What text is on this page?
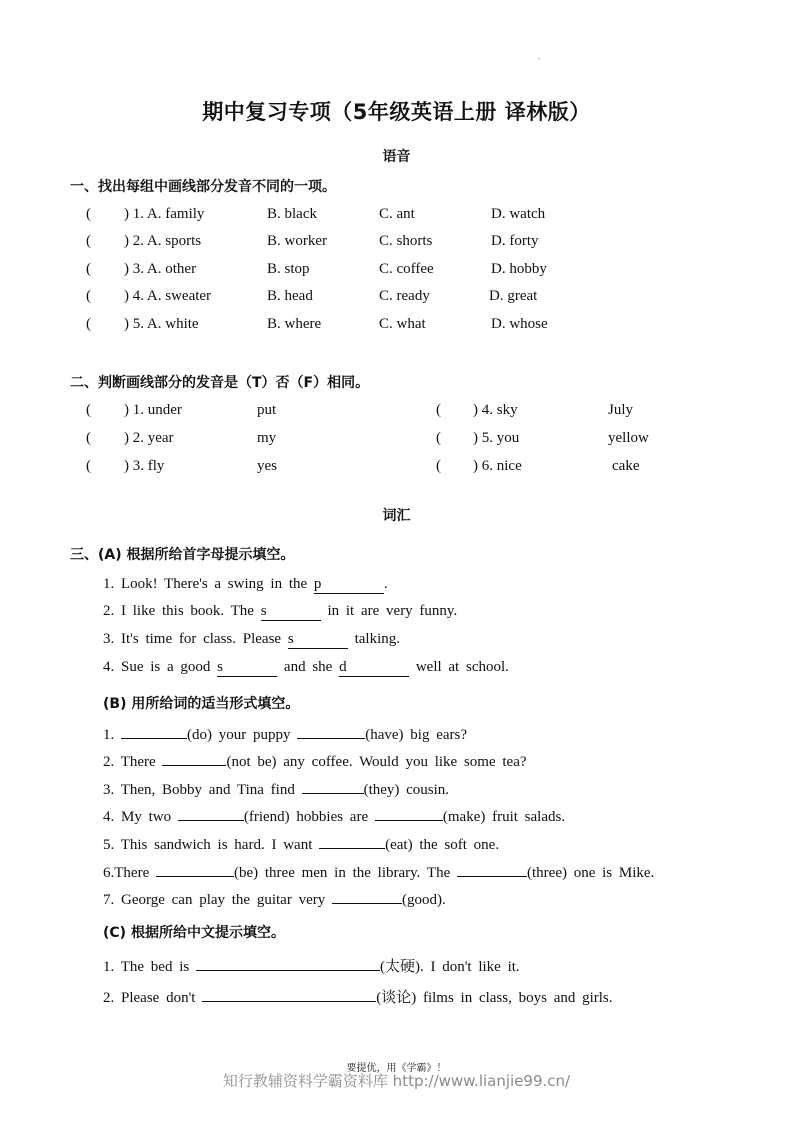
.
期中复习专项（5年级英语上册 译林版）
语音
一、找出每组中画线部分发音不同的一项。
( ) 1. A. family	B. black	C. ant	D. watch
( ) 2. A. sports	B. worker	C. shorts	D. forty
( ) 3. A. other	B. stop	C. coffee	D. hobby
( ) 4. A. sweater	B. head	C. ready	D. great
( ) 5. A. white	B. where	C. what	D. whose
二、判断画线部分的发音是（T）否（F）相同。
( ) 1. under	put	( ) 4. sky	July
( ) 2. year	my	( ) 5. you	yellow
( ) 3. fly	yes	( ) 6. nice	cake
词汇
三、(A) 根据所给首字母提示填空。
1. Look! There's a swing in the p	.
2. I like this book. The s	in it are very funny.
3. It's time for class. Please s	talking.
4. Sue is a good s	and she d	well at school.
(B) 用所给词的适当形式填空。
1.	(do) your puppy	(have) big ears?
2. There	(not be) any coffee. Would you like some tea?
3. Then, Bobby and Tina find	(they) cousin.
4. My two	(friend) hobbies are	(make) fruit salads.
5. This sandwich is hard. I want	(eat) the soft one.
6.There	(be) three men in the library. The	(three) one is Mike.
7. George can play the guitar very	(good).
(C) 根据所给中文提示填空。
1. The bed is	(太硬). I don't like it.
2. Please don't	(谈论) films in class, boys and girls.
要提优，用《学霸》！
知行教辅资料学霸资料库 http://www.lianjie99.cn/
